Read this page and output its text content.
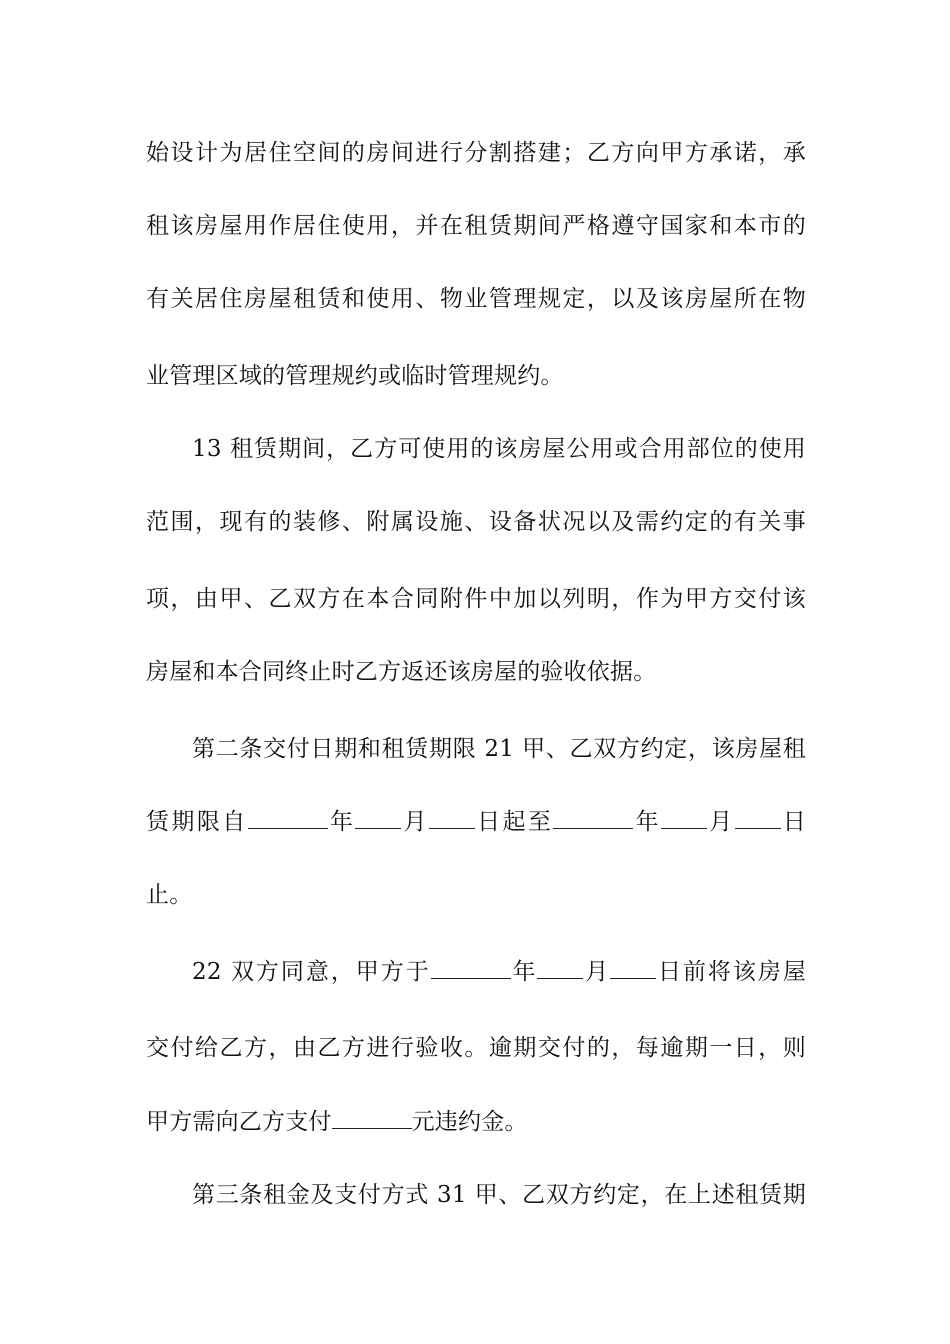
始设计为居住空间的房间进行分割搭建；乙方向甲方承诺，承
租该房屋用作居住使用，并在租赁期间严格遵守国家和本市的
有关居住房屋租赁和使用、物业管理规定，以及该房屋所在物
业管理区域的管理规约或临时管理规约。
13 租赁期间，乙方可使用的该房屋公用或合用部位的使用
范围，现有的装修、附属设施、设备状况以及需约定的有关事
项，由甲、乙双方在本合同附件中加以列明，作为甲方交付该
房屋和本合同终止时乙方返还该房屋的验收依据。
第二条交付日期和租赁期限 21 甲、乙双方约定，该房屋租
赁期限自	年 月 日起至	年 月 日
止。
22 双方同意，甲方于	年 月 日前将该房屋
交付给乙方，由乙方进行验收。逾期交付的，每逾期一日，则
甲方需向乙方支付	元违约金。
第三条租金及支付方式 31 甲、乙双方约定，在上述租赁期
